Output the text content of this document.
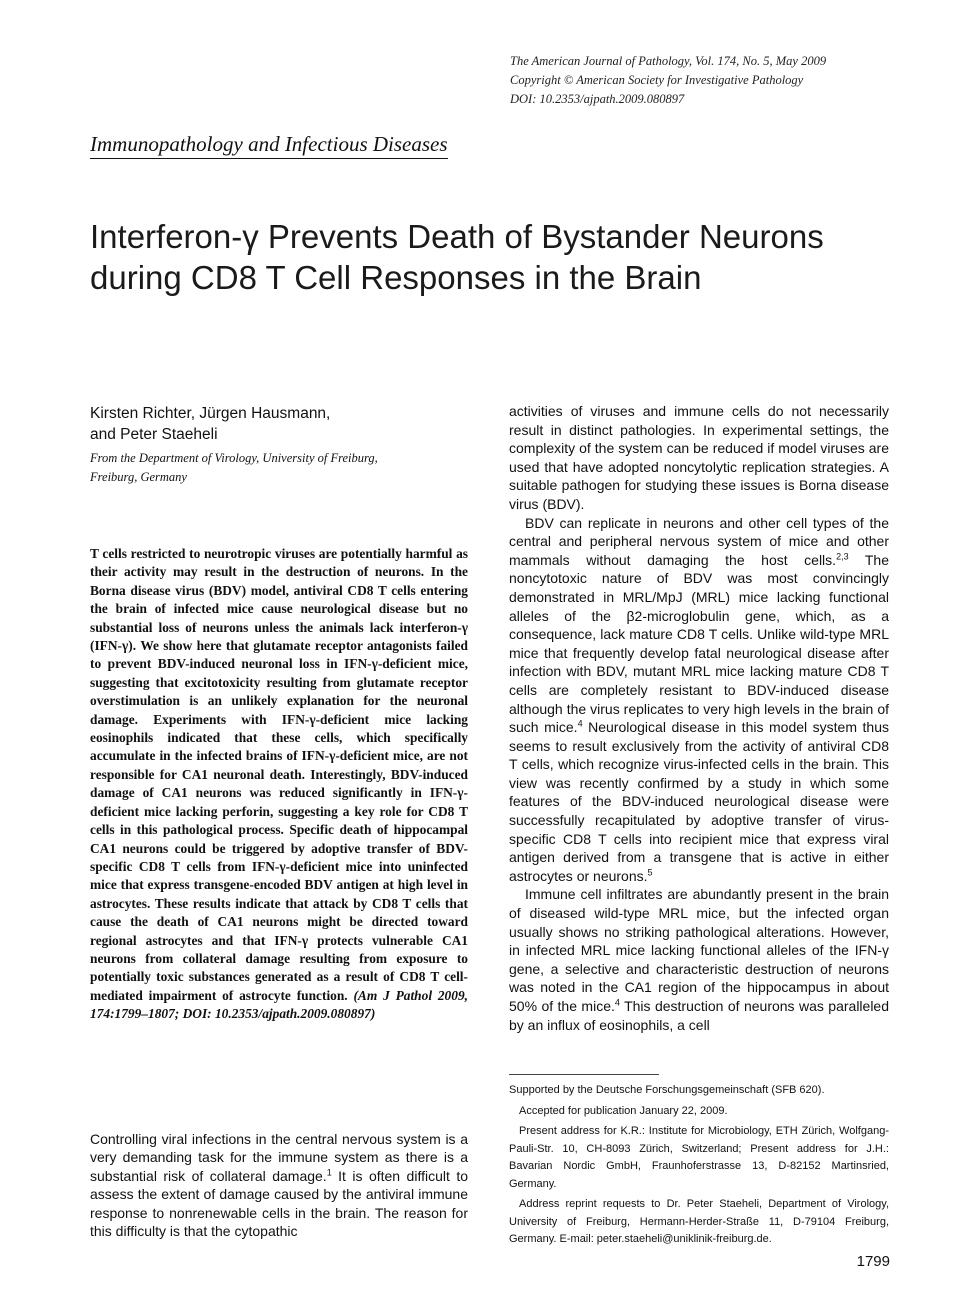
The American Journal of Pathology, Vol. 174, No. 5, May 2009
Copyright © American Society for Investigative Pathology
DOI: 10.2353/ajpath.2009.080897
Immunopathology and Infectious Diseases
Interferon-γ Prevents Death of Bystander Neurons
during CD8 T Cell Responses in the Brain
Kirsten Richter, Jürgen Hausmann,
and Peter Staeheli
From the Department of Virology, University of Freiburg,
Freiburg, Germany
T cells restricted to neurotropic viruses are potentially harmful as their activity may result in the destruction of neurons. In the Borna disease virus (BDV) model, antiviral CD8 T cells entering the brain of infected mice cause neurological disease but no substantial loss of neurons unless the animals lack interferon-γ (IFN-γ). We show here that glutamate receptor antagonists failed to prevent BDV-induced neuronal loss in IFN-γ-deficient mice, suggesting that excitotoxicity resulting from glutamate receptor overstimulation is an unlikely explanation for the neuronal damage. Experiments with IFN-γ-deficient mice lacking eosinophils indicated that these cells, which specifically accumulate in the infected brains of IFN-γ-deficient mice, are not responsible for CA1 neuronal death. Interestingly, BDV-induced damage of CA1 neurons was reduced significantly in IFN-γ-deficient mice lacking perforin, suggesting a key role for CD8 T cells in this pathological process. Specific death of hippocampal CA1 neurons could be triggered by adoptive transfer of BDV-specific CD8 T cells from IFN-γ-deficient mice into uninfected mice that express transgene-encoded BDV antigen at high level in astrocytes. These results indicate that attack by CD8 T cells that cause the death of CA1 neurons might be directed toward regional astrocytes and that IFN-γ protects vulnerable CA1 neurons from collateral damage resulting from exposure to potentially toxic substances generated as a result of CD8 T cell-mediated impairment of astrocyte function. (Am J Pathol 2009, 174:1799–1807; DOI: 10.2353/ajpath.2009.080897)

Controlling viral infections in the central nervous system is a very demanding task for the immune system as there is a substantial risk of collateral damage.$^1$ It is often difficult to assess the extent of damage caused by the antiviral immune response to nonrenewable cells in the brain. The reason for this difficulty is that the cytopathic

activities of viruses and immune cells do not necessarily result in distinct pathologies. In experimental settings, the complexity of the system can be reduced if model viruses are used that have adopted noncytolytic replication strategies. A suitable pathogen for studying these issues is Borna disease virus (BDV).

BDV can replicate in neurons and other cell types of the central and peripheral nervous system of mice and other mammals without damaging the host cells.$^{2,3}$ The noncytotoxic nature of BDV was most convincingly demonstrated in MRL/MpJ (MRL) mice lacking functional alleles of the β2-microglobulin gene, which, as a consequence, lack mature CD8 T cells. Unlike wild-type MRL mice that frequently develop fatal neurological disease after infection with BDV, mutant MRL mice lacking mature CD8 T cells are completely resistant to BDV-induced disease although the virus replicates to very high levels in the brain of such mice.$^4$ Neurological disease in this model system thus seems to result exclusively from the activity of antiviral CD8 T cells, which recognize virus-infected cells in the brain. This view was recently confirmed by a study in which some features of the BDV-induced neurological disease were successfully recapitulated by adoptive transfer of virus-specific CD8 T cells into recipient mice that express viral antigen derived from a transgene that is active in either astrocytes or neurons.$^5$

Immune cell infiltrates are abundantly present in the brain of diseased wild-type MRL mice, but the infected organ usually shows no striking pathological alterations. However, in infected MRL mice lacking functional alleles of the IFN-γ gene, a selective and characteristic destruction of neurons was noted in the CA1 region of the hippocampus in about 50% of the mice.$^4$ This destruction of neurons was paralleled by an influx of eosinophils, a cell

Supported by the Deutsche Forschungsgemeinschaft (SFB 620).

Accepted for publication January 22, 2009.

Present address for K.R.: Institute for Microbiology, ETH Zürich, Wolfgang-Pauli-Str. 10, CH-8093 Zürich, Switzerland; Present address for J.H.: Bavarian Nordic GmbH, Fraunhoferstrasse 13, D-82152 Martinsried, Germany.

Address reprint requests to Dr. Peter Staeheli, Department of Virology, University of Freiburg, Hermann-Herder-Straße 11, D-79104 Freiburg, Germany. E-mail: peter.staeheli@uniklinik-freiburg.de.

1799
